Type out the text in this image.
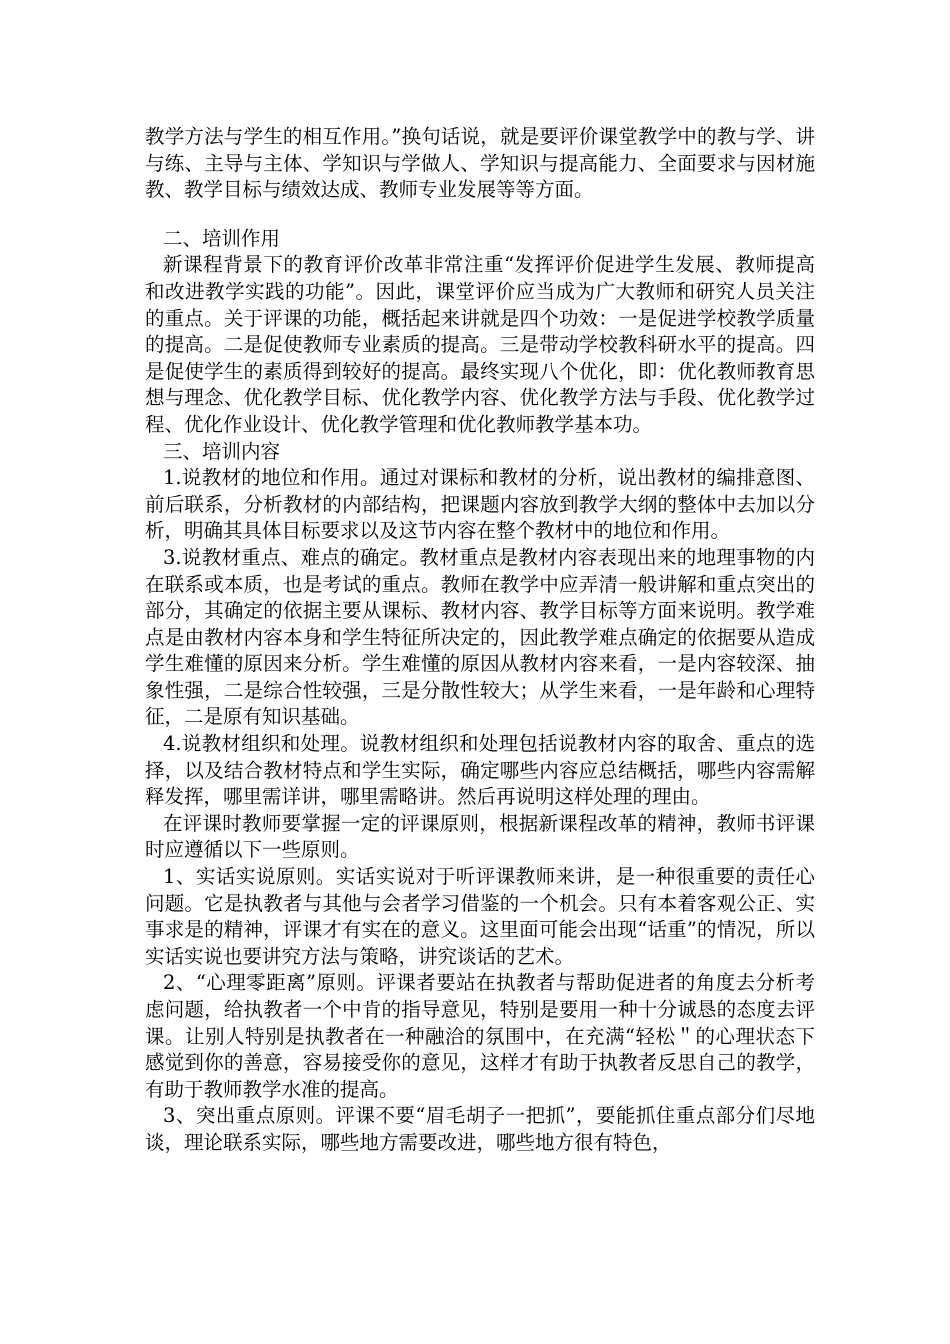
教学方法与学生的相互作用。”换句话说，就是要评价课堂教学中的教与学、讲与练、主导与主体、学知识与学做人、学知识与提高能力、全面要求与因材施教、教学目标与绩效达成、教师专业发展等等方面。

二、培训作用

新课程背景下的教育评价改革非常注重“发挥评价促进学生发展、教师提高和改进教学实践的功能”。因此，课堂评价应当成为广大教师和研究人员关注的重点。关于评课的功能，概括起来讲就是四个功效：一是促进学校教学质量的提高。二是促使教师专业素质的提高。三是带动学校教科研水平的提高。四是促使学生的素质得到较好的提高。最终实现八个优化，即：优化教师教育思想与理念、优化教学目标、优化教学内容、优化教学方法与手段、优化教学过程、优化作业设计、优化教学管理和优化教师教学基本功。

三、培训内容

1.说教材的地位和作用。通过对课标和教材的分析，说出教材的编排意图、前后联系，分析教材的内部结构，把课题内容放到教学大纲的整体中去加以分析，明确其具体目标要求以及这节内容在整个教材中的地位和作用。

3.说教材重点、难点的确定。教材重点是教材内容表现出来的地理事物的内在联系或本质，也是考试的重点。教师在教学中应弄清一般讲解和重点突出的部分，其确定的依据主要从课标、教材内容、教学目标等方面来说明。教学难点是由教材内容本身和学生特征所决定的，因此教学难点确定的依据要从造成学生难懂的原因来分析。学生难懂的原因从教材内容来看，一是内容较深、抽象性强，二是综合性较强，三是分散性较大；从学生来看，一是年龄和心理特征，二是原有知识基础。

4.说教材组织和处理。说教材组织和处理包括说教材内容的取舍、重点的选择，以及结合教材特点和学生实际，确定哪些内容应总结概括，哪些内容需解释发挥，哪里需详讲，哪里需略讲。然后再说明这样处理的理由。

在评课时教师要掌握一定的评课原则，根据新课程改革的精神，教师书评课时应遵循以下一些原则。

1、实话实说原则。实话实说对于听评课教师来讲，是一种很重要的责任心问题。它是执教者与其他与会者学习借鉴的一个机会。只有本着客观公正、实事求是的精神，评课才有实在的意义。这里面可能会出现“话重”的情况，所以实话实说也要讲究方法与策略，讲究谈话的艺术。

2、“心理零距离”原则。评课者要站在执教者与帮助促进者的角度去分析考虑问题，给执教者一个中肯的指导意见，特别是要用一种十分诚恳的态度去评课。让别人特别是执教者在一种融洽的氛围中，在充满“轻松＂的心理状态下感觉到你的善意，容易接受你的意见，这样才有助于执教者反思自己的教学，有助于教师教学水准的提高。

3、突出重点原则。评课不要“眉毛胡子一把抓”，要能抓住重点部分们尽地谈，理论联系实际，哪些地方需要改进，哪些地方很有特色，
